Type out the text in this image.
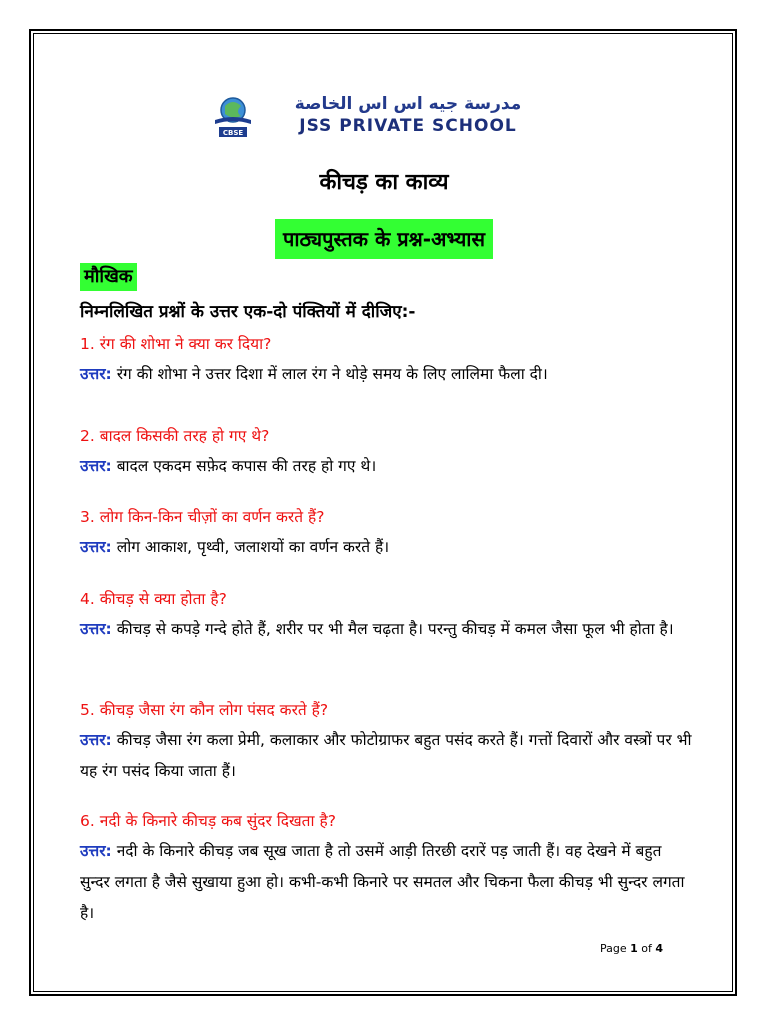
CBSE
مدرسة جيه اس اس الخاصة
JSS PRIVATE SCHOOL
कीचड़ का काव्य
पाठ्यपुस्तक के प्रश्न-अभ्यास
मौखिक
निम्नलिखित प्रश्नों के उत्तर एक-दो पंक्तियों में दीजिए:-
1. रंग की शोभा ने क्या कर दिया?
उत्तर: रंग की शोभा ने उत्तर दिशा में लाल रंग ने थोड़े समय के लिए लालिमा फैला दी।
2. बादल किसकी तरह हो गए थे?
उत्तर: बादल एकदम सफ़ेद कपास की तरह हो गए थे।
3. लोग किन-किन चीज़ों का वर्णन करते हैं?
उत्तर: लोग आकाश, पृथ्वी, जलाशयों का वर्णन करते हैं।
4. कीचड़ से क्या होता है?
उत्तर: कीचड़ से कपड़े गन्दे होते हैं, शरीर पर भी मैल चढ़ता है। परन्तु कीचड़ में कमल जैसा फूल भी होता है।
5. कीचड़ जैसा रंग कौन लोग पंसद करते हैं?
उत्तर: कीचड़ जैसा रंग कला प्रेमी, कलाकार और फोटोग्राफर बहुत पसंद करते हैं। गत्तों दिवारों और वस्त्रों पर भी यह रंग पसंद किया जाता हैं।
6. नदी के किनारे कीचड़ कब सुंदर दिखता है?
उत्तर: नदी के किनारे कीचड़ जब सूख जाता है तो उसमें आड़ी तिरछी दरारें पड़ जाती हैं। वह देखने में बहुत सुन्दर लगता है जैसे सुखाया हुआ हो। कभी-कभी किनारे पर समतल और चिकना फैला कीचड़ भी सुन्दर लगता है।
Page 1 of 4
